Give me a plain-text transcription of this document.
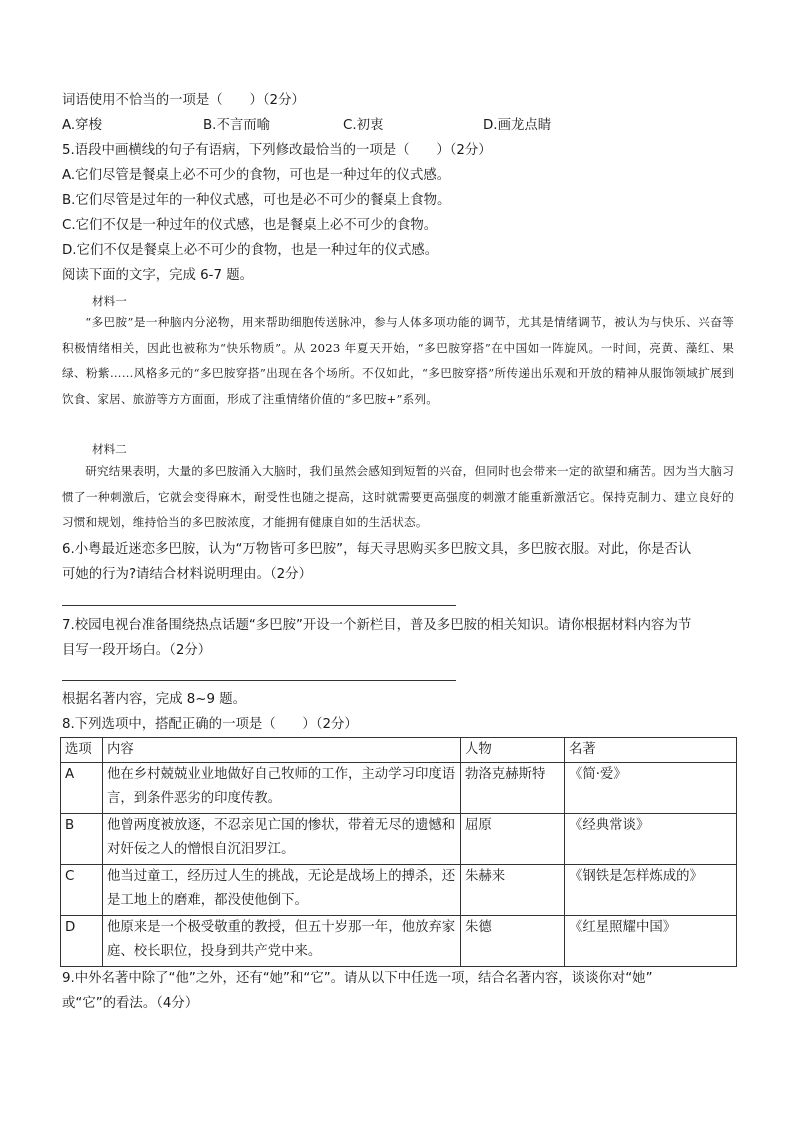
词语使用不恰当的一项是（　　）（2分）
A.穿梭	B.不言而喻	C.初衷	D.画龙点睛
5.语段中画横线的句子有语病，下列修改最恰当的一项是（　　）（2分）
A.它们尽管是餐桌上必不可少的食物，可也是一种过年的仪式感。
B.它们尽管是过年的一种仪式感，可也是必不可少的餐桌上食物。
C.它们不仅是一种过年的仪式感，也是餐桌上必不可少的食物。
D.它们不仅是餐桌上必不可少的食物，也是一种过年的仪式感。
阅读下面的文字，完成 6-7 题。
材料一
“多巴胺”是一种脑内分泌物，用来帮助细胞传送脉冲，参与人体多项功能的调节，尤其是情绪调节，被认为与快乐、兴奋等积极情绪相关，因此也被称为“快乐物质”。从 2023 年夏天开始，“多巴胺穿搭”在中国如一阵旋风。一时间，亮黄、藻红、果绿、粉紫……风格多元的“多巴胺穿搭”出现在各个场所。不仅如此，“多巴胺穿搭”所传递出乐观和开放的精神从服饰领域扩展到饮食、家居、旅游等方方面面，形成了注重情绪价值的“多巴胺+”系列。
材料二
研究结果表明，大量的多巴胺涌入大脑时，我们虽然会感知到短暂的兴奋，但同时也会带来一定的欲望和痛苦。因为当大脑习惯了一种刺激后，它就会变得麻木，耐受性也随之提高，这时就需要更高强度的刺激才能重新激活它。保持克制力、建立良好的习惯和规划，维持恰当的多巴胺浓度，才能拥有健康自如的生活状态。
6.小粤最近迷恋多巴胺，认为“万物皆可多巴胺”，每天寻思购买多巴胺文具，多巴胺衣服。对此，你是否认
可她的行为?请结合材料说明理由。（2分）
7.校园电视台准备围绕热点话题“多巴胺”开设一个新栏目，普及多巴胺的相关知识。请你根据材料内容为节
目写一段开场白。（2分）
根据名著内容，完成 8~9 题。
8.下列选项中，搭配正确的一项是（　　）（2分）
选项	内容	人物	名著
A	他在乡村兢兢业业地做好自己牧师的工作，主动学习印度语言，到条件恶劣的印度传教。	勃洛克赫斯特	《简·爱》
B	他曾两度被放逐，不忍亲见亡国的惨状，带着无尽的遗憾和对奸佞之人的憎恨自沉汨罗江。	屈原	《经典常谈》
C	他当过童工，经历过人生的挑战，无论是战场上的搏杀，还是工地上的磨难，都没使他倒下。	朱赫来	《钢铁是怎样炼成的》
D	他原来是一个极受敬重的教授，但五十岁那一年，他放弃家庭、校长职位，投身到共产党中来。	朱德	《红星照耀中国》
9.中外名著中除了“他”之外，还有“她”和“它”。请从以下中任选一项，结合名著内容，谈谈你对“她”
或“它”的看法。（4分）
